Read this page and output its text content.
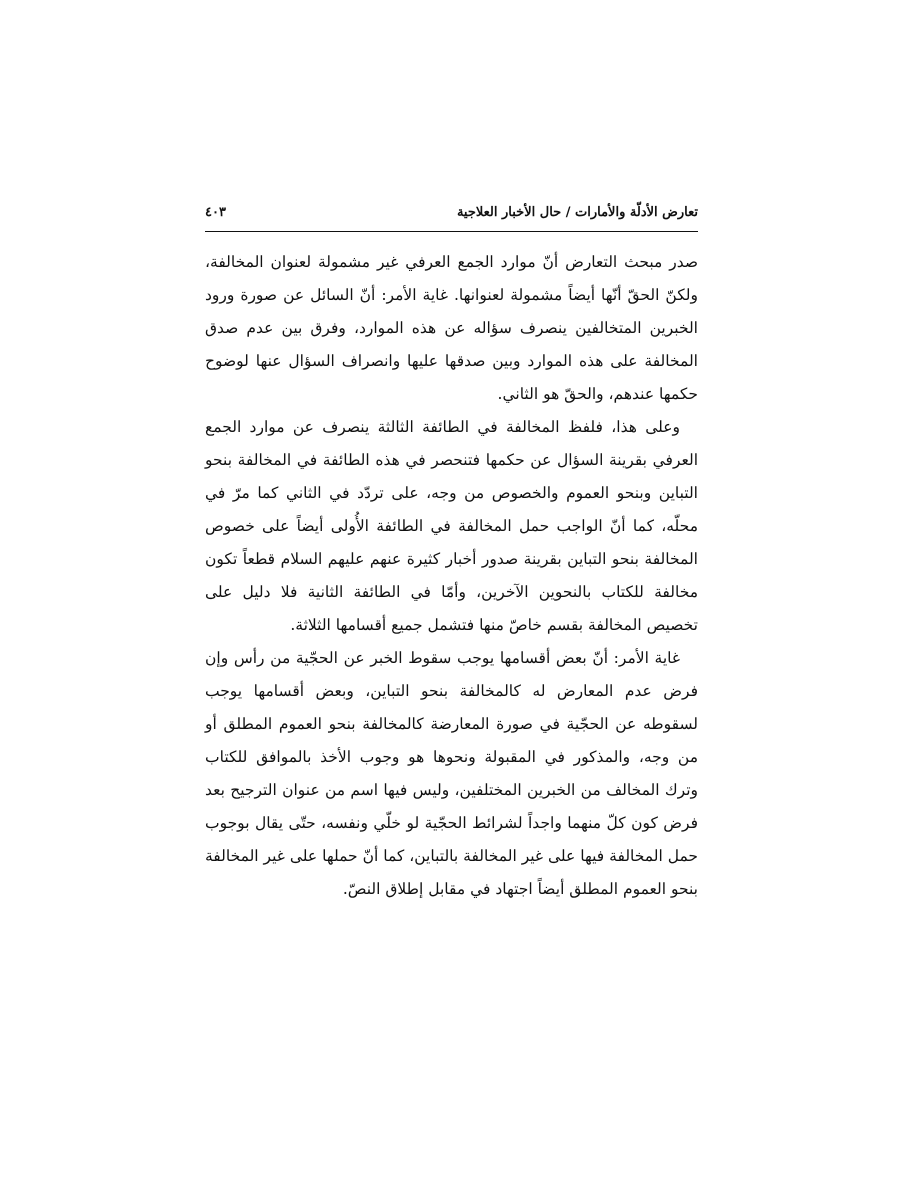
تعارض الأدلّة والأمارات / حال الأخبار العلاجية
٤٠٣

صدر مبحث التعارض أنّ موارد الجمع العرفي غير مشمولة لعنوان المخالفة، ولكنّ الحقّ أنّها أيضاً مشمولة لعنوانها. غاية الأمر: أنّ السائل عن صورة ورود الخبرين المتخالفين ينصرف سؤاله عن هذه الموارد، وفرق بين عدم صدق المخالفة على هذه الموارد وبين صدقها عليها وانصراف السؤال عنها لوضوح حكمها عندهم، والحقّ هو الثاني.

وعلى هذا، فلفظ المخالفة في الطائفة الثالثة ينصرف عن موارد الجمع العرفي بقرينة السؤال عن حكمها فتنحصر في هذه الطائفة في المخالفة بنحو التباين وبنحو العموم والخصوص من وجه، على تردّد في الثاني كما مرّ في محلّه، كما أنّ الواجب حمل المخالفة في الطائفة الأُولى أيضاً على خصوص المخالفة بنحو التباين بقرينة صدور أخبار كثيرة عنهم عليهم السلام قطعاً تكون مخالفة للكتاب بالنحوين الآخرين، وأمّا في الطائفة الثانية فلا دليل على تخصيص المخالفة بقسم خاصّ منها فتشمل جميع أقسامها الثلاثة.

غاية الأمر: أنّ بعض أقسامها يوجب سقوط الخبر عن الحجّية من رأس وإن فرض عدم المعارض له كالمخالفة بنحو التباين، وبعض أقسامها يوجب لسقوطه عن الحجّية في صورة المعارضة كالمخالفة بنحو العموم المطلق أو من وجه، والمذكور في المقبولة ونحوها هو وجوب الأخذ بالموافق للكتاب وترك المخالف من الخبرين المختلفين، وليس فيها اسم من عنوان الترجيح بعد فرض كون كلّ منهما واجداً لشرائط الحجّية لو خلّي ونفسه، حتّى يقال بوجوب حمل المخالفة فيها على غير المخالفة بالتباين، كما أنّ حملها على غير المخالفة بنحو العموم المطلق أيضاً اجتهاد في مقابل إطلاق النصّ.
